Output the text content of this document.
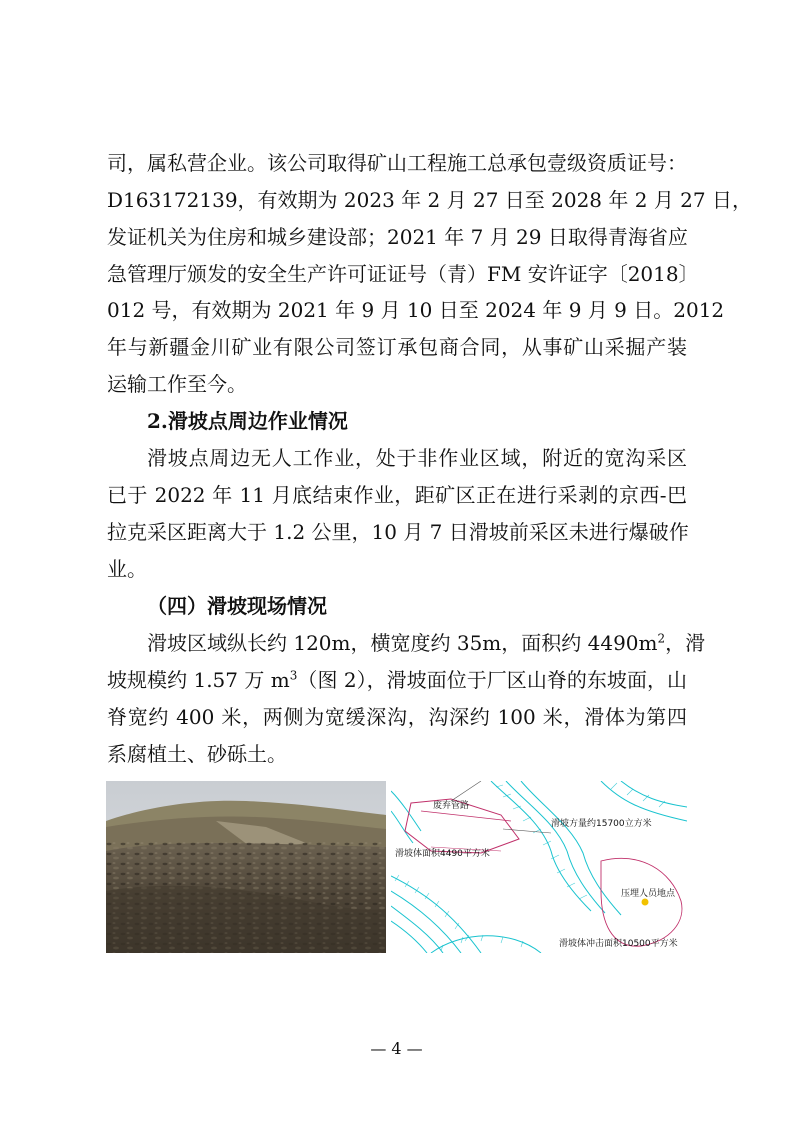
司，属私营企业。该公司取得矿山工程施工总承包壹级资质证号：
D163172139，有效期为 2023 年 2 月 27 日至 2028 年 2 月 27 日，
发证机关为住房和城乡建设部；2021 年 7 月 29 日取得青海省应
急管理厅颁发的安全生产许可证证号（青）FM 安许证字〔2018〕
012 号，有效期为 2021 年 9 月 10 日至 2024 年 9 月 9 日。2012
年与新疆金川矿业有限公司签订承包商合同，从事矿山采掘产装
运输工作至今。
2.滑坡点周边作业情况
滑坡点周边无人工作业，处于非作业区域，附近的宽沟采区
已于 2022 年 11 月底结束作业，距矿区正在进行采剥的京西-巴
拉克采区距离大于 1.2 公里，10 月 7 日滑坡前采区未进行爆破作
业。
（四）滑坡现场情况
滑坡区域纵长约 120m，横宽度约 35m，面积约 $4490m^2$，滑
坡规模约 1.57 万 $m^3$（图 2），滑坡面位于厂区山脊的东坡面，山
脊宽约 400 米，两侧为宽缓深沟，沟深约 100 米，滑体为第四
系腐植土、砂砾土。
废弃管路
滑坡方量约15700立方米
滑坡体面积4490平方米
压埋人员地点
滑坡体冲击面积10500平方米
— 4 —
